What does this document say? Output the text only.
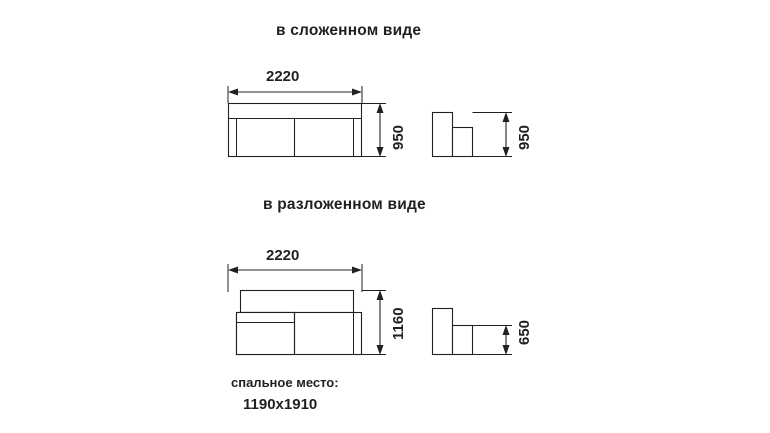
в сложенном виде
в разложенном виде
2220
950	950
2220
1160	650
спальное место:
1190x1910
